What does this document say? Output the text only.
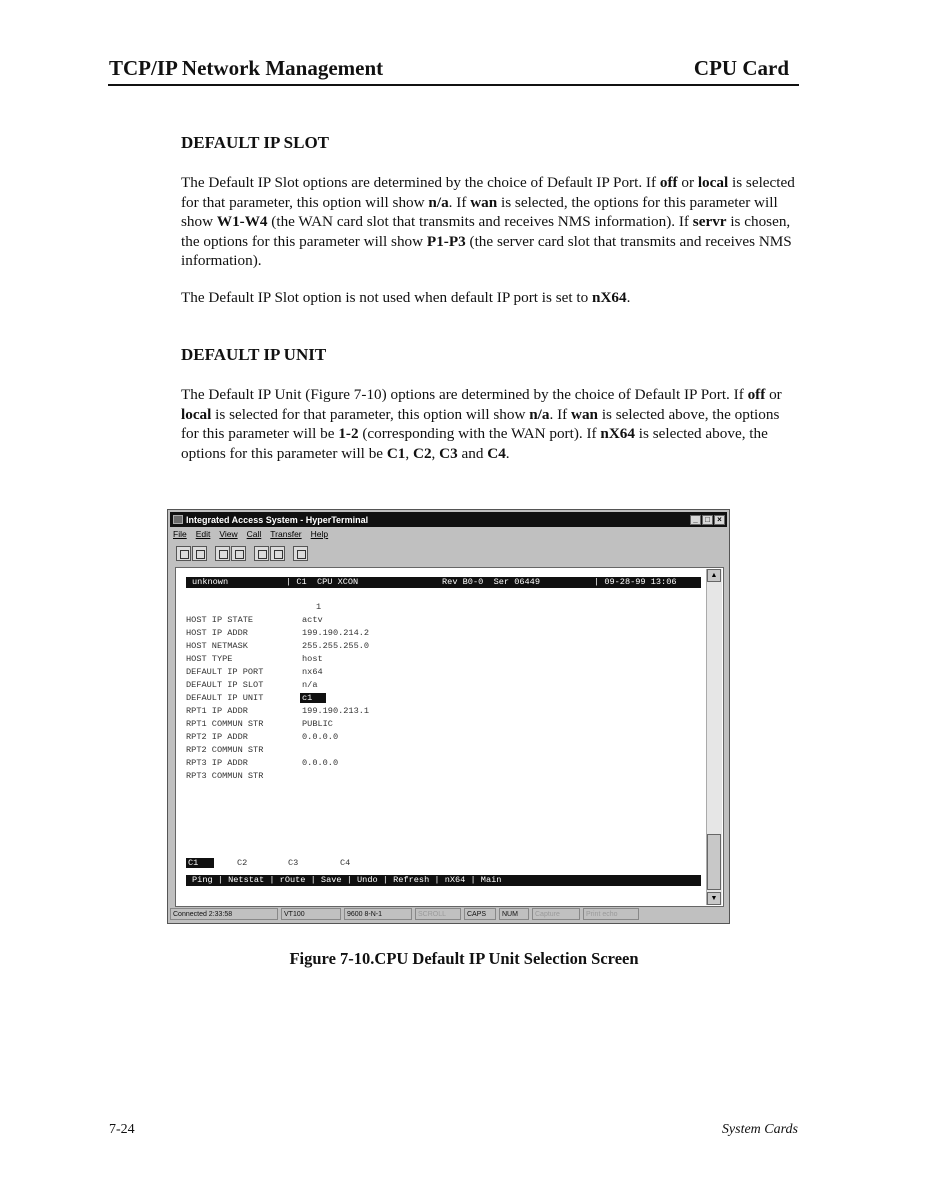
TCP/IP Network Management	CPU Card
DEFAULT IP SLOT

The Default IP Slot options are determined by the choice of Default IP Port. If off or local is selected for that parameter, this option will show n/a. If wan is selected, the options for this parameter will show W1-W4 (the WAN card slot that transmits and receives NMS information). If servr is chosen, the options for this parameter will show P1-P3 (the server card slot that transmits and receives NMS information).

The Default IP Slot option is not used when default IP port is set to nX64.

DEFAULT IP UNIT

The Default IP Unit (Figure 7-10) options are determined by the choice of Default IP Port. If off or local is selected for that parameter, this option will show n/a. If wan is selected above, the options for this parameter will be 1-2 (corresponding with the WAN port). If nX64 is selected above, the options for this parameter will be C1, C2, C3 and C4.

Integrated Access System - HyperTerminal	_ □ ×
File Edit View Call Transfer Help
unknown	| C1  CPU XCON	Rev B0-0  Ser 06449	| 09-28-99 13:06
1
HOST IP STATE	actv
HOST IP ADDR	199.190.214.2
HOST NETMASK	255.255.255.0
HOST TYPE	host
DEFAULT IP PORT	nx64
DEFAULT IP SLOT	n/a
DEFAULT IP UNIT	c1
RPT1 IP ADDR	199.190.213.1
RPT1 COMMUN STR	PUBLIC
RPT2 IP ADDR	0.0.0.0
RPT2 COMMUN STR
RPT3 IP ADDR	0.0.0.0
RPT3 COMMUN STR
C1	C2	C3	C4
Ping | Netstat | rOute | Save | Undo | Refresh | nX64 | Main
▲
▼
Connected 2:33:58	VT100	9600 8-N-1	SCROLL	CAPS	NUM	Capture	Print echo
Figure 7-10.CPU Default IP Unit Selection Screen
7-24	System Cards
